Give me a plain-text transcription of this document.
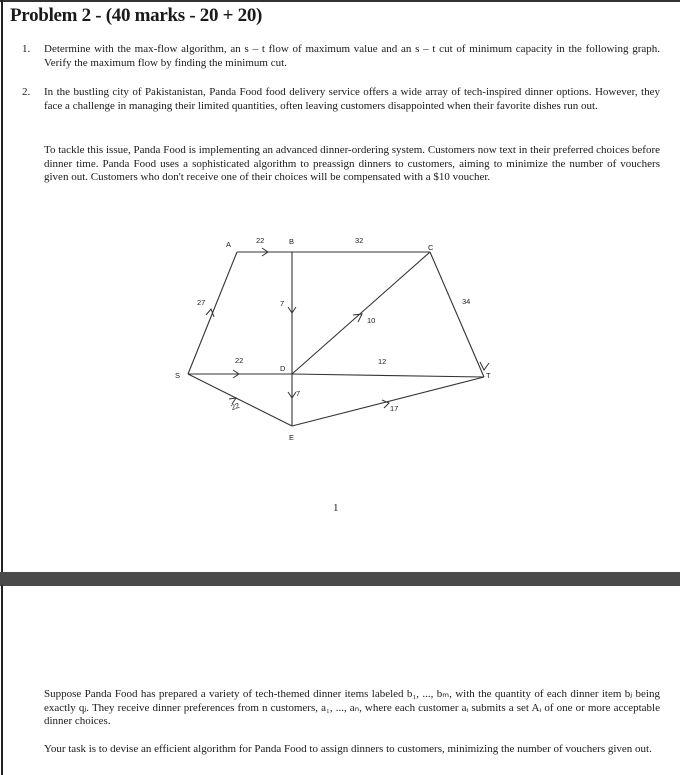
Problem 2 - (40 marks - 20 + 20)
1. Determine with the max-flow algorithm, an s – t flow of maximum value and an s – t cut of minimum capacity in the following graph. Verify the maximum flow by finding the minimum cut.
2. In the bustling city of Pakistanistan, Panda Food food delivery service offers a wide array of tech-inspired dinner options. However, they face a challenge in managing their limited quantities, often leaving customers disappointed when their favorite dishes run out.
To tackle this issue, Panda Food is implementing an advanced dinner-ordering system. Customers now text in their preferred choices before dinner time. Panda Food uses a sophisticated algorithm to preassign dinners to customers, aiming to minimize the number of vouchers given out. Customers who don't receive one of their choices will be compensated with a $10 voucher.
A	B
C
S
D
E
T
22	32
27	7
10
34
22	12
7
22	17
1
Suppose Panda Food has prepared a variety of tech-themed dinner items labeled b₁, ..., bₘ, with the quantity of each dinner item bⱼ being exactly qⱼ. They receive dinner preferences from n customers, a₁, ..., aₙ, where each customer aᵢ submits a set Aᵢ of one or more acceptable dinner choices.
Your task is to devise an efficient algorithm for Panda Food to assign dinners to customers, minimizing the number of vouchers given out.
